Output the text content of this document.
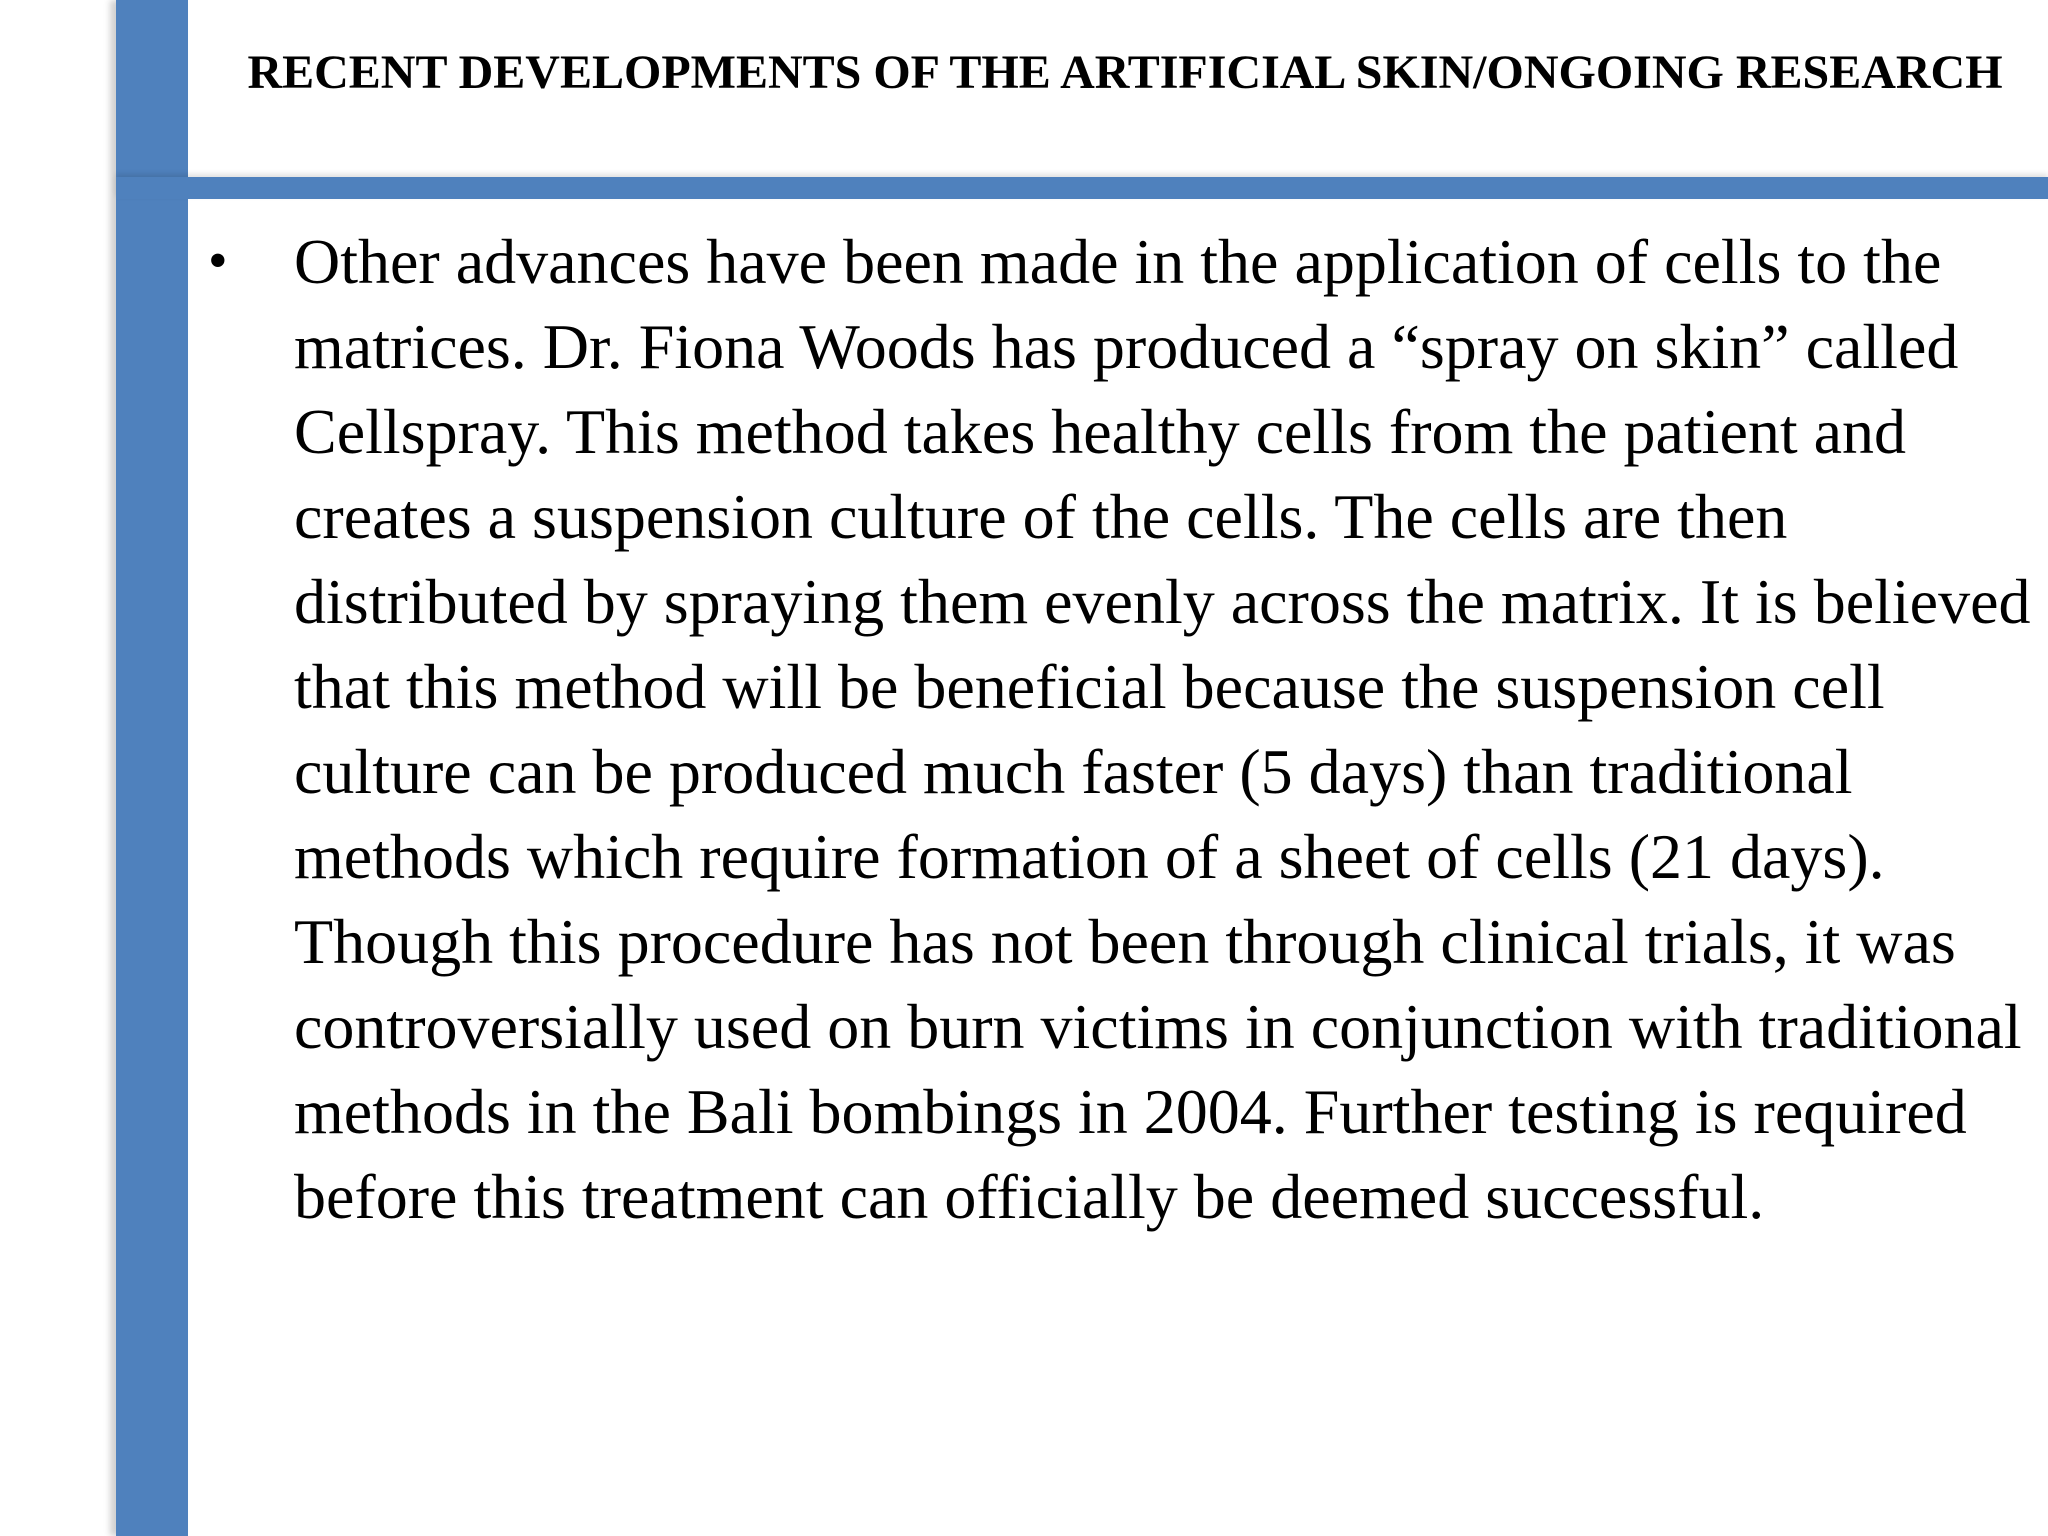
RECENT DEVELOPMENTS OF THE ARTIFICIAL SKIN/ONGOING RESEARCH
•	Other advances have been made in the application of cells to the matrices. Dr. Fiona Woods has produced a “spray on skin” called Cellspray. This method takes healthy cells from the patient and creates a suspension culture of the cells. The cells are then distributed by spraying them evenly across the matrix. It is believed that this method will be beneficial because the suspension cell culture can be produced much faster (5 days) than traditional methods which require formation of a sheet of cells (21 days). Though this procedure has not been through clinical trials, it was controversially used on burn victims in conjunction with traditional methods in the Bali bombings in 2004. Further testing is required before this treatment can officially be deemed successful.
